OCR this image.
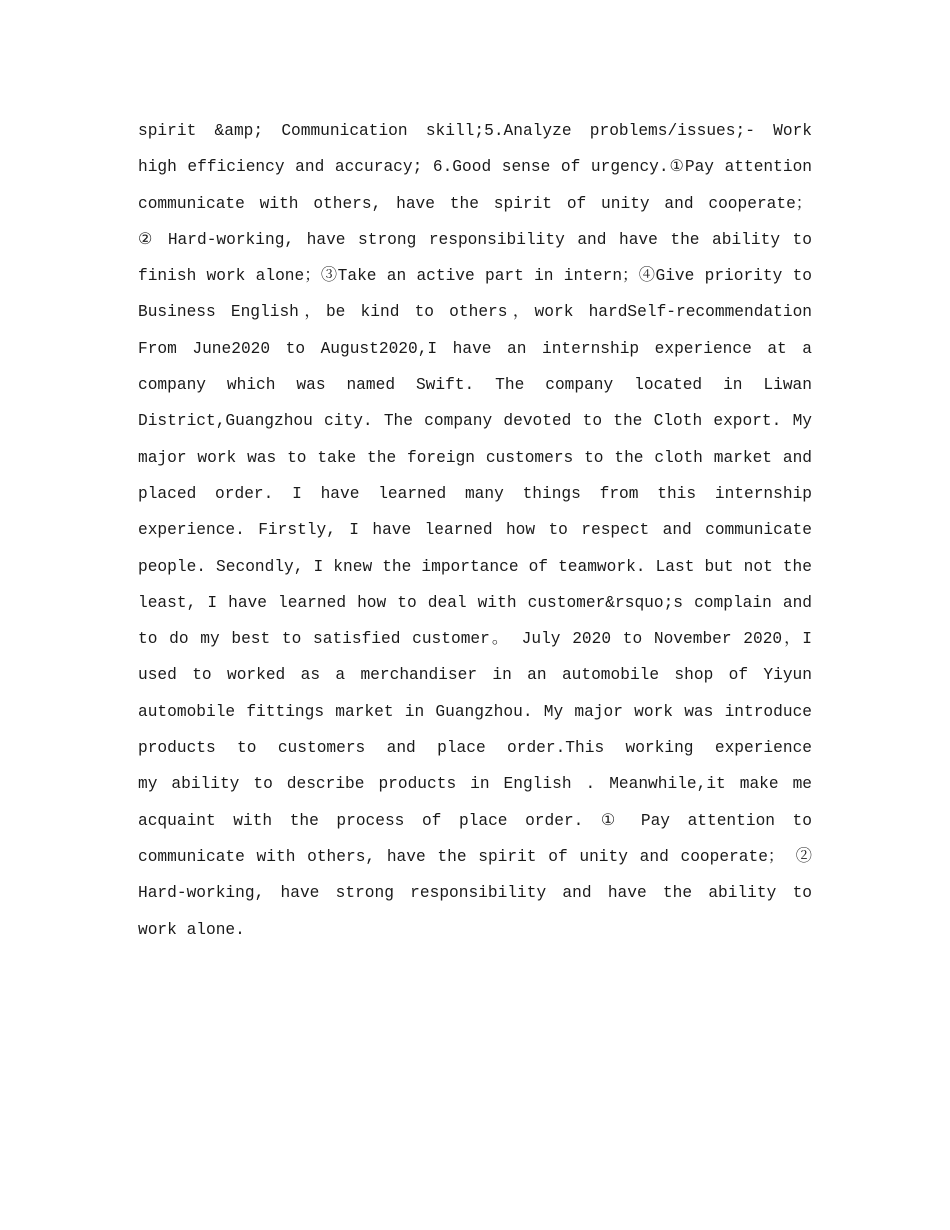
spirit &amp; Communication skill;5.Analyze problems/issues;- Work
high efficiency and accuracy; 6.Good sense of urgency.①Pay attention
communicate with others, have the spirit of unity and cooperate；
② Hard-working, have strong responsibility and have the ability to
finish work alone；③Take an active part in intern；④Give priority to
Business English，be kind to others，work hardSelf-recommendation
From June2020 to August2020,I have an internship experience at a
company which was named Swift. The company located in Liwan
District,Guangzhou city. The company devoted to the Cloth export. My
major work was to take the foreign customers to the cloth market and
placed order. I have learned many things from this internship
experience. Firstly, I have learned how to respect and communicate
people. Secondly, I knew the importance of teamwork. Last but not the
least, I have learned how to deal with customer&rsquo;s complain and
to do my best to satisfied customer。 July 2020 to November 2020，I
used to worked as a merchandiser in an automobile shop of Yiyun
automobile fittings market in Guangzhou. My major work was introduce
products to customers and place order.This working experience
my ability to describe products in English . Meanwhile,it make me
acquaint with the process of place order. ① Pay attention to
communicate with others, have the spirit of unity and cooperate； ②
Hard-working, have strong responsibility and have the ability to
work alone.
